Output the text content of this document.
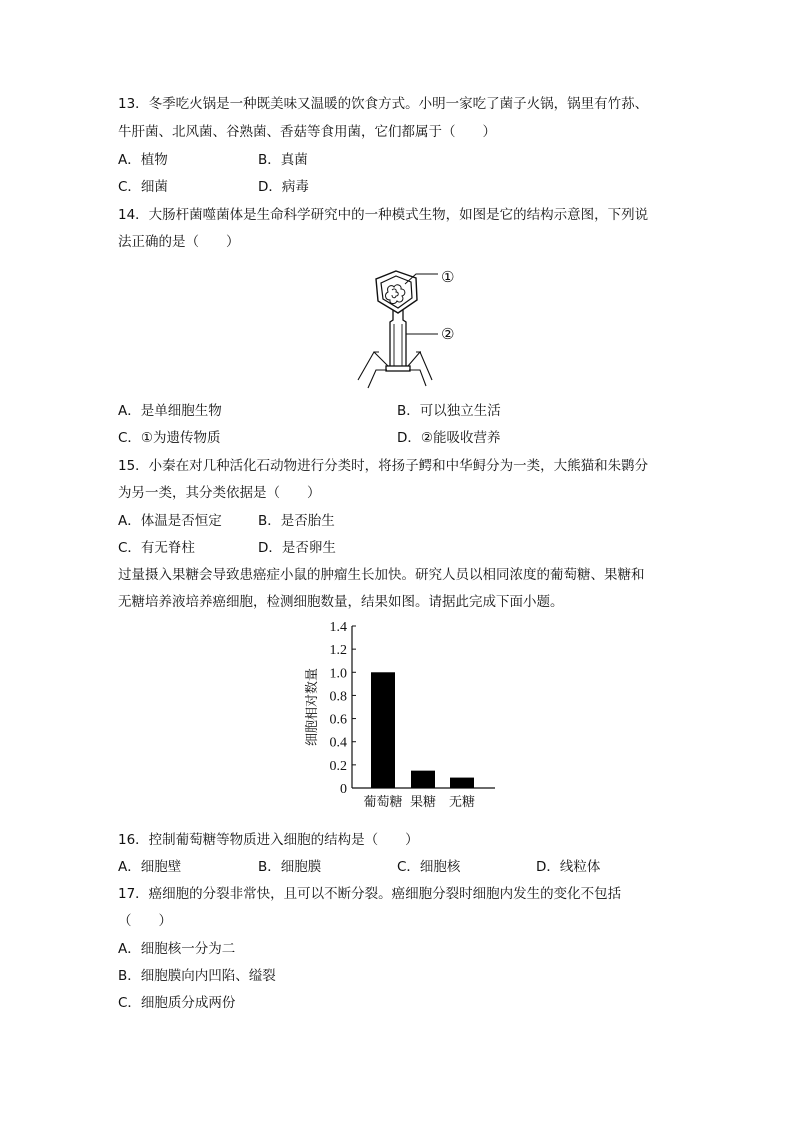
13．冬季吃火锅是一种既美味又温暖的饮食方式。小明一家吃了菌子火锅，锅里有竹荪、
牛肝菌、北风菌、谷熟菌、香菇等食用菌，它们都属于（　　）
A．植物	B．真菌
C．细菌	D．病毒
14．大肠杆菌噬菌体是生命科学研究中的一种模式生物，如图是它的结构示意图，下列说
法正确的是（　　）
①
②
A．是单细胞生物	B．可以独立生活
C．①为遗传物质	D．②能吸收营养
15．小秦在对几种活化石动物进行分类时，将扬子鳄和中华鲟分为一类，大熊猫和朱鹮分
为另一类，其分类依据是（　　）
A．体温是否恒定	B．是否胎生
C．有无脊柱	D．是否卵生
过量摄入果糖会导致患癌症小鼠的肿瘤生长加快。研究人员以相同浓度的葡萄糖、果糖和
无糖培养液培养癌细胞，检测细胞数量，结果如图。请据此完成下面小题。
0
0.2
0.4
0.6
0.8
1.0
1.2
1.4
细胞相对数量
葡萄糖 果糖 无糖
16．控制葡萄糖等物质进入细胞的结构是（　　）
A．细胞壁	B．细胞膜	C．细胞核	D．线粒体
17．癌细胞的分裂非常快，且可以不断分裂。癌细胞分裂时细胞内发生的变化不包括
（　　）
A．细胞核一分为二
B．细胞膜向内凹陷、缢裂
C．细胞质分成两份
